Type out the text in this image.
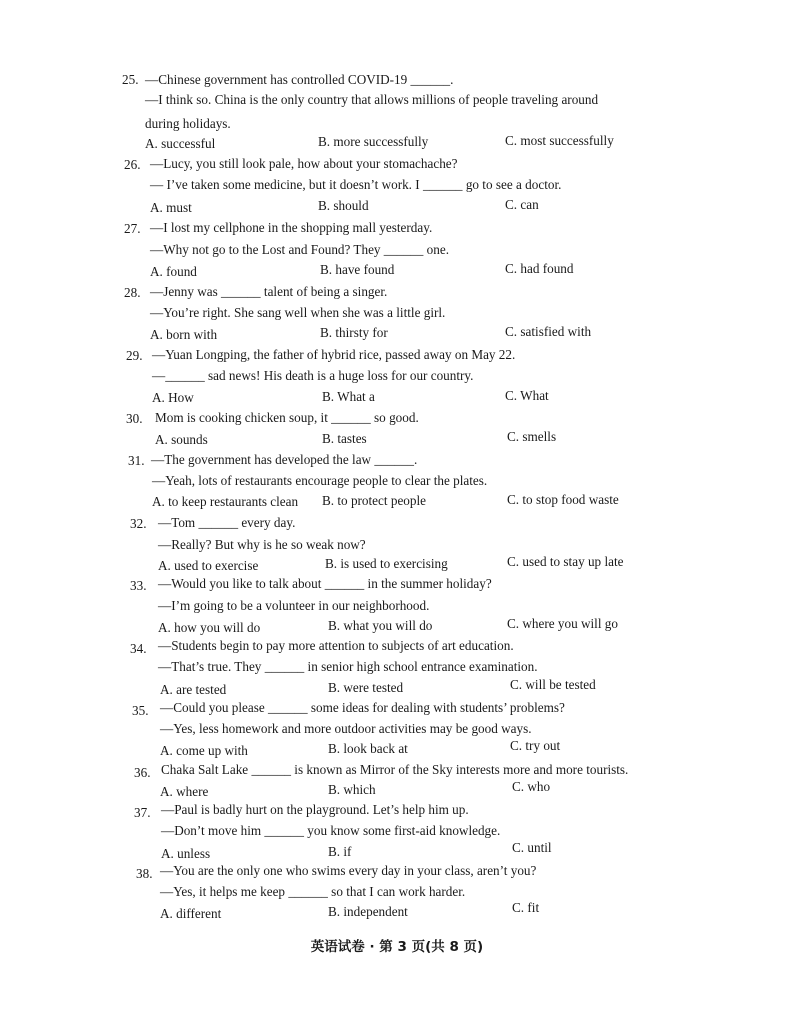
25. —Chinese government has controlled COVID-19 ______.
—I think so. China is the only country that allows millions of people traveling around
during holidays.
A. successful	B. more successfully	C. most successfully
26. —Lucy, you still look pale, how about your stomachache?
— I’ve taken some medicine, but it doesn’t work. I ______ go to see a doctor.
A. must	B. should	C. can
27. —I lost my cellphone in the shopping mall yesterday.
—Why not go to the Lost and Found? They ______ one.
A. found	B. have found	C. had found
28. —Jenny was ______ talent of being a singer.
—You’re right. She sang well when she was a little girl.
A. born with	B. thirsty for	C. satisfied with
29. —Yuan Longping, the father of hybrid rice, passed away on May 22.
—______ sad news! His death is a huge loss for our country.
A. How	B. What a	C. What
30. Mom is cooking chicken soup, it ______ so good.
A. sounds	B. tastes	C. smells
31. —The government has developed the law ______.
—Yeah, lots of restaurants encourage people to clear the plates.
A. to keep restaurants clean B. to protect people	C. to stop food waste
32. —Tom ______ every day.
—Really? But why is he so weak now?
A. used to exercise	B. is used to exercising	C. used to stay up late
33. —Would you like to talk about ______ in the summer holiday?
—I’m going to be a volunteer in our neighborhood.
A. how you will do	B. what you will do	C. where you will go
34. —Students begin to pay more attention to subjects of art education.
—That’s true. They ______ in senior high school entrance examination.
A. are tested	B. were tested	C. will be tested
35. —Could you please ______ some ideas for dealing with students’ problems?
—Yes, less homework and more outdoor activities may be good ways.
A. come up with	B. look back at	C. try out
36. Chaka Salt Lake ______ is known as Mirror of the Sky interests more and more tourists.
A. where	B. which	C. who
37. —Paul is badly hurt on the playground. Let’s help him up.
—Don’t move him ______ you know some first-aid knowledge.
A. unless	B. if	C. until
38. —You are the only one who swims every day in your class, aren’t you?
—Yes, it helps me keep ______ so that I can work harder.
A. different	B. independent	C. fit
英语试卷 · 第 3 页(共 8 页)
